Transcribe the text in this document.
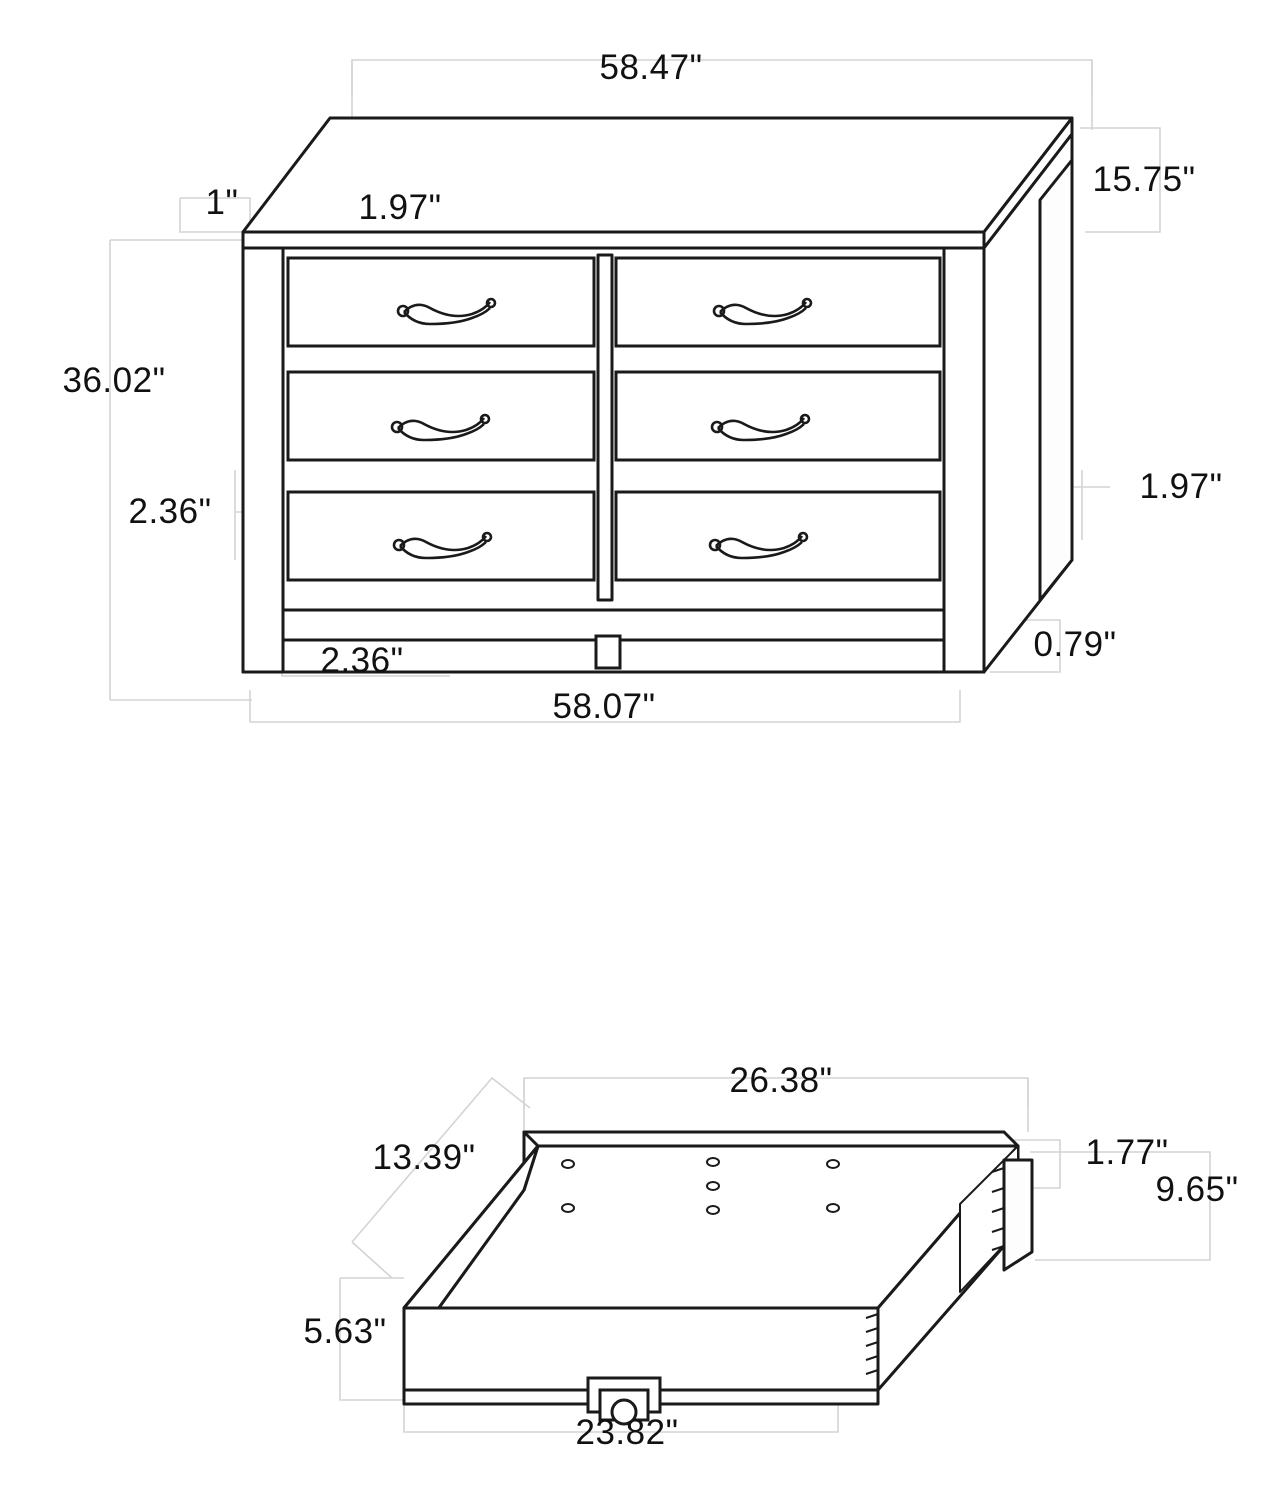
58.47"
15.75"
1"	1.97"
36.02"
2.36"
1.97"
0.79"
2.36"
58.07"
26.38"
13.39"	1.77"
9.65"
5.63"
23.82"
